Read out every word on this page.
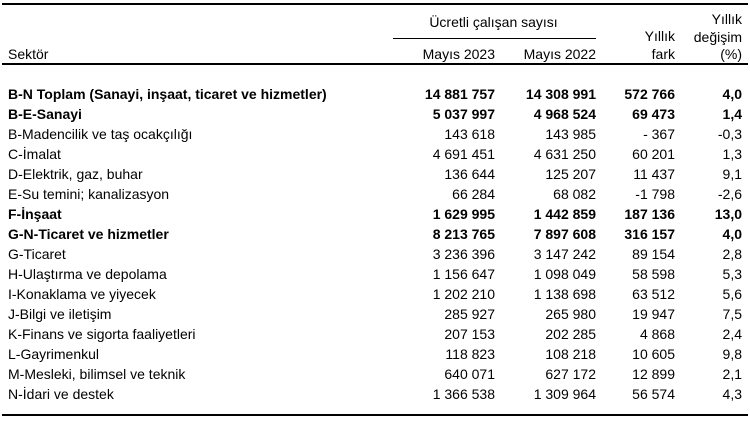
Sektör
Ücretli çalışan sayısı
Mayıs 2023 Mayıs 2022
Yıllık
fark
Yıllık
değişim
(%)
B-N Toplam (Sanayi, inşaat, ticaret ve hizmetler)	14 881 757	14 308 991	572 766	4,0
B-E-Sanayi	5 037 997	4 968 524	69 473	1,4
B-Madencilik ve taş ocakçılığı	143 618	143 985	- 367	-0,3
C-İmalat	4 691 451	4 631 250	60 201	1,3
D-Elektrik, gaz, buhar	136 644	125 207	11 437	9,1
E-Su temini; kanalizasyon	66 284	68 082	-1 798	-2,6
F-İnşaat	1 629 995	1 442 859	187 136	13,0
G-N-Ticaret ve hizmetler	8 213 765	7 897 608	316 157	4,0
G-Ticaret	3 236 396	3 147 242	89 154	2,8
H-Ulaştırma ve depolama	1 156 647	1 098 049	58 598	5,3
I-Konaklama ve yiyecek	1 202 210	1 138 698	63 512	5,6
J-Bilgi ve iletişim	285 927	265 980	19 947	7,5
K-Finans ve sigorta faaliyetleri	207 153	202 285	4 868	2,4
L-Gayrimenkul	118 823	108 218	10 605	9,8
M-Mesleki, bilimsel ve teknik	640 071	627 172	12 899	2,1
N-İdari ve destek	1 366 538	1 309 964	56 574	4,3
